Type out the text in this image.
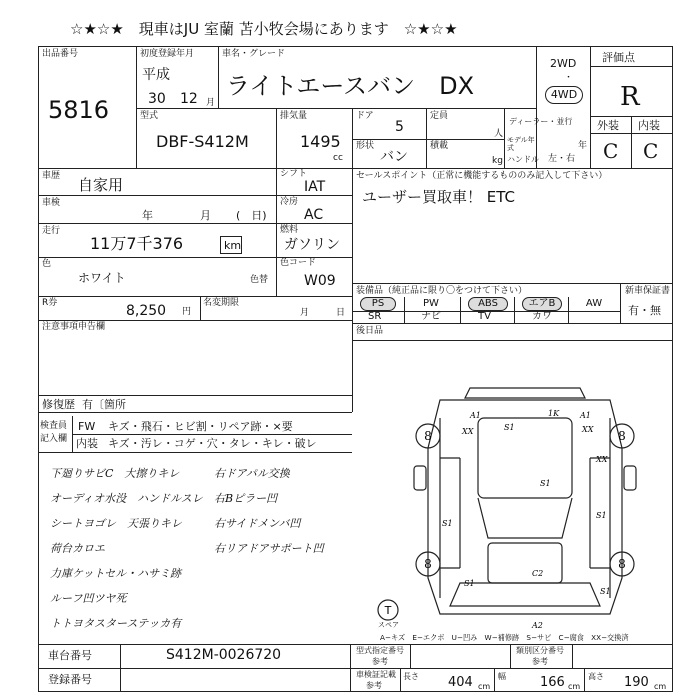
☆★☆★　現車はJU 室蘭 苫小牧会場にあります　☆★☆★
出品番号
5816
初度登録年月
平成
30 12 月
車名・グレード
ライトエースバン　DX
2WD
・
4WD
評価点
R
外装 内装
C C
型式
DBF-S412M
排気量
1495
cc
ドア
5
定員
人
ディーラー・並行
形状
バン
積載
kg
モデル年式	年
ハンドル 左・右
車歴 自家用
シフト
IAT
車検
年	月 (　日)
冷房
AC
走行
11万7千376	km
燃料
ガソリン
色
ホワイト	色替
色コード
W09
R券	8,250 円
名変期限
月	日
注意事項申告欄
修復歴 有〔箇所
セールスポイント（正常に機能するもののみ記入して下さい）
ユーザー買取車！ ETC
装備品（純正品に限り〇をつけて下さい）	新車保証書
有・無
PS	PW	ABS	エアB	AW
SR	ナビ	TV	カワ
後日品
検査員
記入欄
FW キズ・飛石・ヒビ割・リペア跡・×要
内装 キズ・汚レ・コゲ・穴・タレ・キレ・破レ
下廻りサビC　大擦りキレ
オーディオ水没　ハンドルスレ
シートヨゴレ　天張りキレ
荷台カロエ
力庫ケットセル・ハサミ跡
ルーフ凹ツヤ死
トトヨタスターステッカ有
右ドアパル交換
右Bピラー凹
右サイドメンバ凹
右リアドアサポート凹
8	8
8	8
A1
XX
1K	A1
XX
XX
S1
S1
S1
S1
S1
C2
S1
A2
T
スペア
A−キズ　E−エクボ　U−凹み　W−補修跡　S−サビ　C−腐食　XX−交換済
車台番号	S412M-0026720
登録番号
型式指定番号
参考
類別区分番号
参考
車検証記載
参考
長さ 404 cm
幅	166 cm
高さ 190 cm
